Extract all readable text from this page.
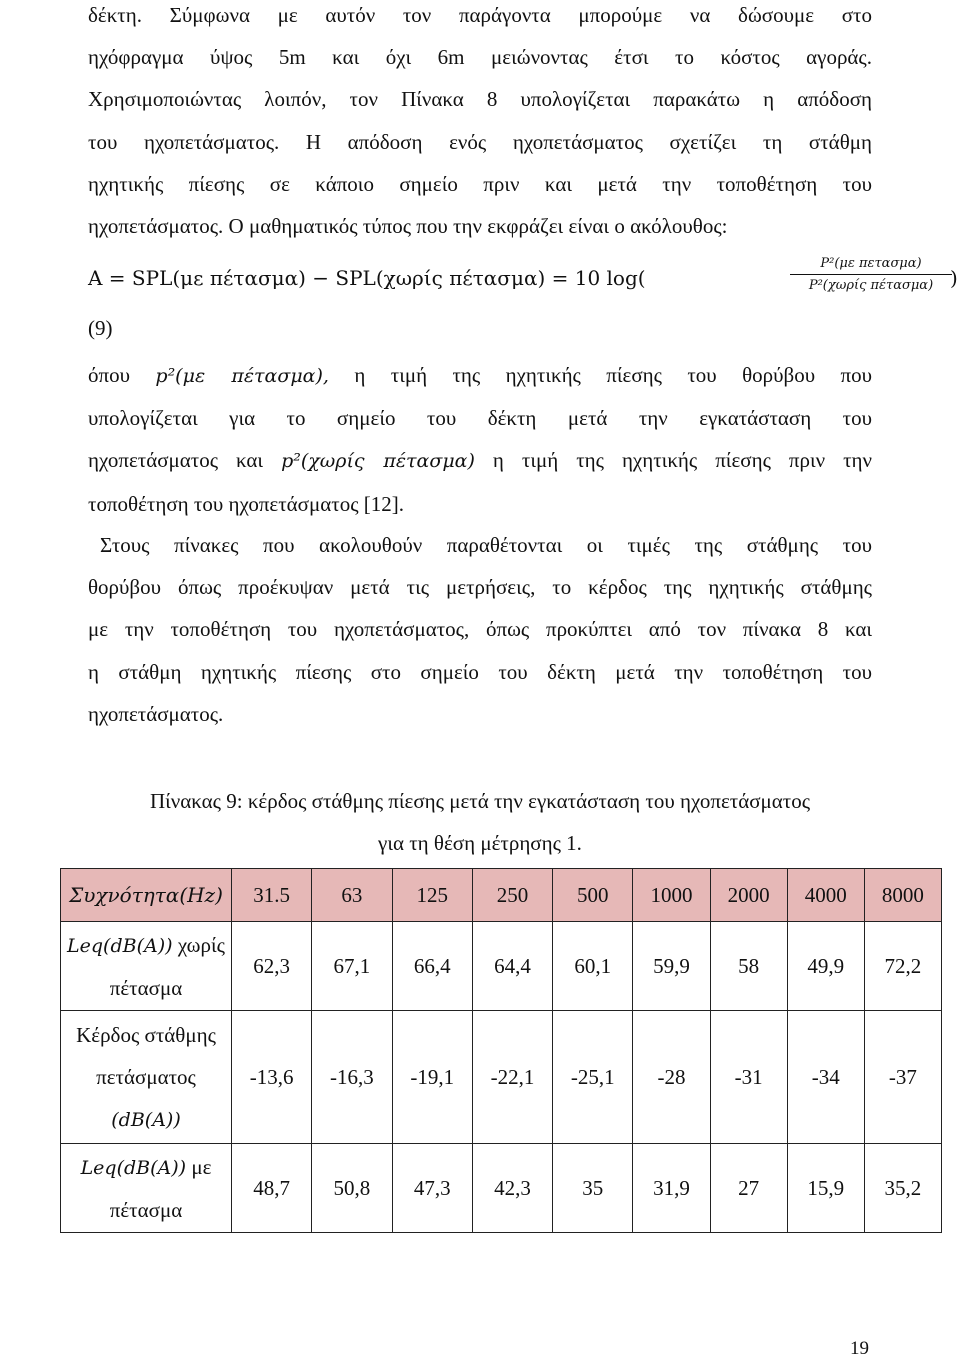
δέκτη. Σύμφωνα με αυτόν τον παράγοντα μπορούμε να δώσουμε στο
ηχόφραγμα ύψος 5m και όχι 6m μειώνοντας έτσι το κόστος αγοράς.
Χρησιμοποιώντας λοιπόν, τον Πίνακα 8 υπολογίζεται παρακάτω η απόδοση
του ηχοπετάσματος. Η απόδοση ενός ηχοπετάσματος σχετίζει τη στάθμη
ηχητικής πίεσης σε κάποιο σημείο πριν και μετά την τοποθέτηση του
ηχοπετάσματος. Ο μαθηματικός τύπος που την εκφράζει είναι ο ακόλουθος:
A = SPL(με πέτασμα) − SPL(χωρίς πέτασμα) = 10 log(
P²(με πετασμα)
P²(χωρίς πέτασμα) )
(9)
όπου p²(με πέτασμα), η τιμή της ηχητικής πίεσης του θορύβου που
υπολογίζεται για το σημείο του δέκτη μετά την εγκατάσταση του
ηχοπετάσματος και p²(χωρίς πέτασμα) η τιμή της ηχητικής πίεσης πριν την
τοποθέτηση του ηχοπετάσματος [12].
Στους πίνακες που ακολουθούν παραθέτονται οι τιμές της στάθμης του
θορύβου όπως προέκυψαν μετά τις μετρήσεις, το κέρδος της ηχητικής στάθμης
με την τοποθέτηση του ηχοπετάσματος, όπως προκύπτει από τον πίνακα 8 και
η στάθμη ηχητικής πίεσης στο σημείο του δέκτη μετά την τοποθέτηση του
ηχοπετάσματος.
Πίνακας 9: κέρδος στάθμης πίεσης μετά την εγκατάσταση του ηχοπετάσματος
για τη θέση μέτρησης 1.
Συχνότητα(Hz)	31.5	63	125	250	500	1000	2000	4000	8000
Leq(dB(A)) χωρίς πέτασμα	62,3	67,1	66,4	64,4	60,1	59,9	58	49,9	72,2
Κέρδος στάθμης πετάσματος (dB(A))	-13,6	-16,3	-19,1	-22,1	-25,1	-28	-31	-34	-37
Leq(dB(A)) με πέτασμα	48,7	50,8	47,3	42,3	35	31,9	27	15,9	35,2
19
